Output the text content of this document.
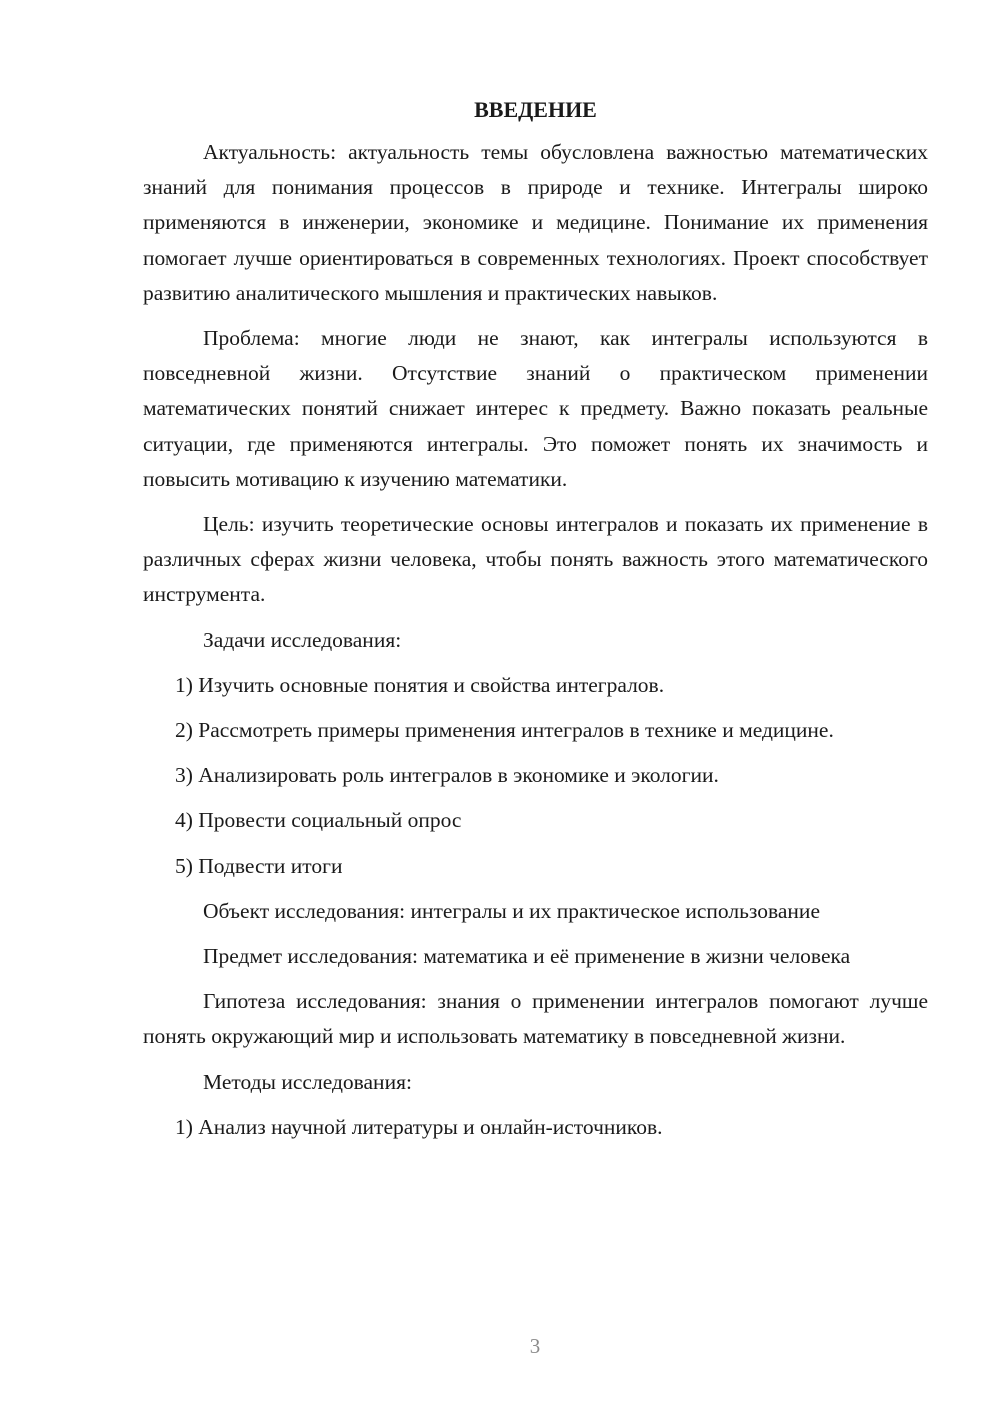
ВВЕДЕНИЕ

Актуальность: актуальность темы обусловлена важностью математических знаний для понимания процессов в природе и технике. Интегралы широко применяются в инженерии, экономике и медицине. Понимание их применения помогает лучше ориентироваться в современных технологиях. Проект способствует развитию аналитического мышления и практических навыков.

Проблема: многие люди не знают, как интегралы используются в повседневной жизни. Отсутствие знаний о практическом применении математических понятий снижает интерес к предмету. Важно показать реальные ситуации, где применяются интегралы. Это поможет понять их значимость и повысить мотивацию к изучению математики.

Цель: изучить теоретические основы интегралов и показать их применение в различных сферах жизни человека, чтобы понять важность этого математического инструмента.

Задачи исследования:

1) Изучить основные понятия и свойства интегралов.

2) Рассмотреть примеры применения интегралов в технике и медицине.

3) Анализировать роль интегралов в экономике и экологии.

4) Провести социальный опрос

5) Подвести итоги

Объект исследования: интегралы и их практическое использование

Предмет исследования: математика и её применение в жизни человека

Гипотеза исследования: знания о применении интегралов помогают лучше понять окружающий мир и использовать математику в повседневной жизни.

Методы исследования:

1) Анализ научной литературы и онлайн-источников.

3
